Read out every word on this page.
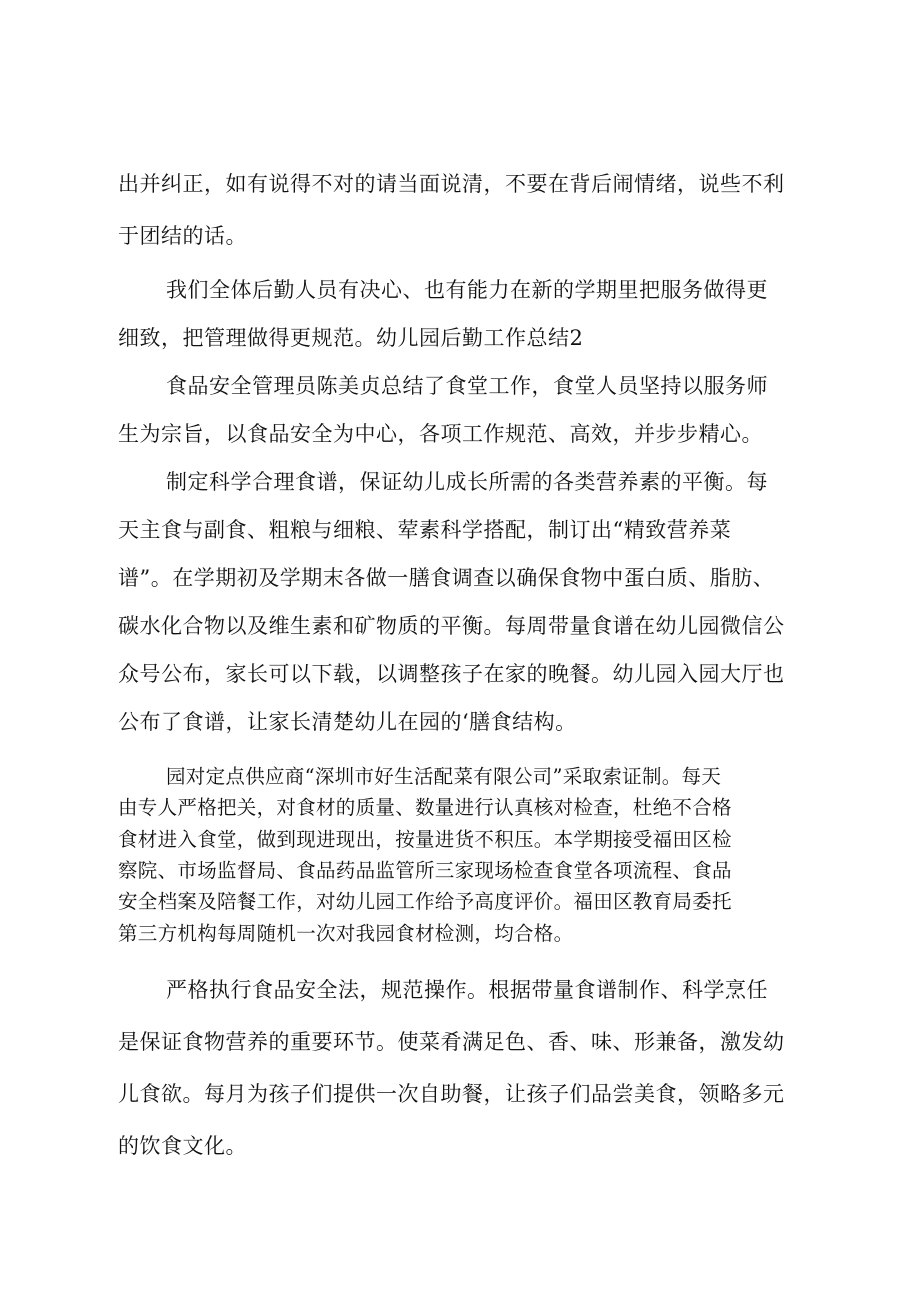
出并纠正，如有说得不对的请当面说清，不要在背后闹情绪，说些不利
于团结的话。
我们全体后勤人员有决心、也有能力在新的学期里把服务做得更
细致，把管理做得更规范。幼儿园后勤工作总结2
食品安全管理员陈美贞总结了食堂工作，食堂人员坚持以服务师
生为宗旨，以食品安全为中心，各项工作规范、高效，并步步精心。
制定科学合理食谱，保证幼儿成长所需的各类营养素的平衡。每
天主食与副食、粗粮与细粮、荤素科学搭配，制订出“精致营养菜
谱”。在学期初及学期末各做一膳食调查以确保食物中蛋白质、脂肪、
碳水化合物以及维生素和矿物质的平衡。每周带量食谱在幼儿园微信公
众号公布，家长可以下载，以调整孩子在家的晚餐。幼儿园入园大厅也
公布了食谱，让家长清楚幼儿在园的‘膳食结构。
园对定点供应商“深圳市好生活配菜有限公司”采取索证制。每天
由专人严格把关，对食材的质量、数量进行认真核对检查，杜绝不合格
食材进入食堂，做到现进现出，按量进货不积压。本学期接受福田区检
察院、市场监督局、食品药品监管所三家现场检查食堂各项流程、食品
安全档案及陪餐工作，对幼儿园工作给予高度评价。福田区教育局委托
第三方机构每周随机一次对我园食材检测，均合格。
严格执行食品安全法，规范操作。根据带量食谱制作、科学烹任
是保证食物营养的重要环节。使菜肴满足色、香、味、形兼备，激发幼
儿食欲。每月为孩子们提供一次自助餐，让孩子们品尝美食，领略多元
的饮食文化。
